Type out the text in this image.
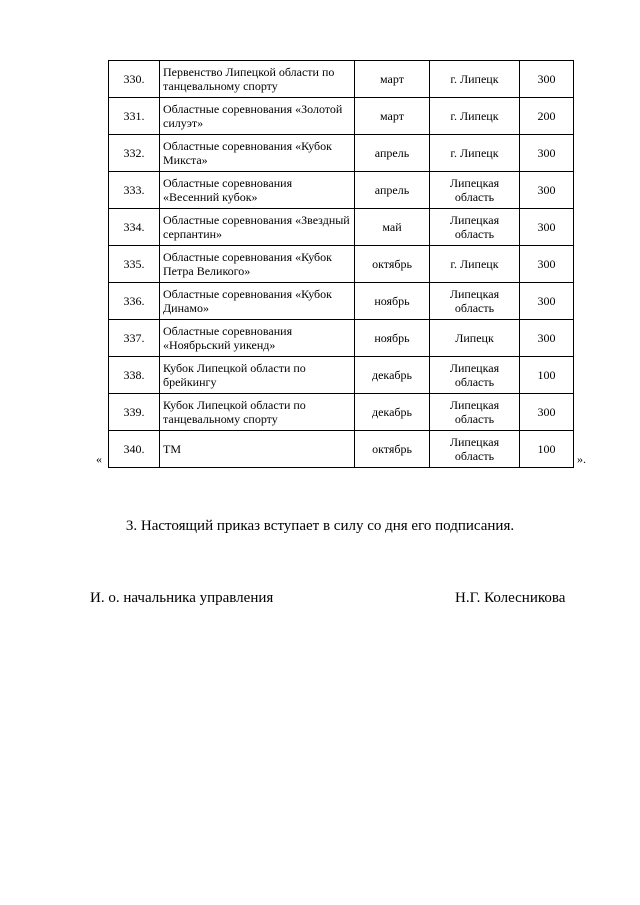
330.	Первенство Липецкой области по танцевальному спорту	март	г. Липецк	300
331.	Областные соревнования «Золотой силуэт»	март	г. Липецк	200
332.	Областные соревнования «Кубок Микста»	апрель	г. Липецк	300
333.	Областные соревнования «Весенний кубок»	апрель	Липецкая область	300
334.	Областные соревнования «Звездный серпантин»	май	Липецкая область	300
335.	Областные соревнования «Кубок Петра Великого»	октябрь	г. Липецк	300
336.	Областные соревнования «Кубок Динамо»	ноябрь	Липецкая область	300
337.	Областные соревнования «Ноябрьский уикенд»	ноябрь	Липецк	300
338.	Кубок Липецкой области по брейкингу	декабрь	Липецкая область	100
339.	Кубок Липецкой области по танцевальному спорту	декабрь	Липецкая область	300
340.	TM	октябрь	Липецкая область	100
«	».
3. Настоящий приказ вступает в силу со дня его подписания.
И. о. начальника управления	Н.Г. Колесникова
